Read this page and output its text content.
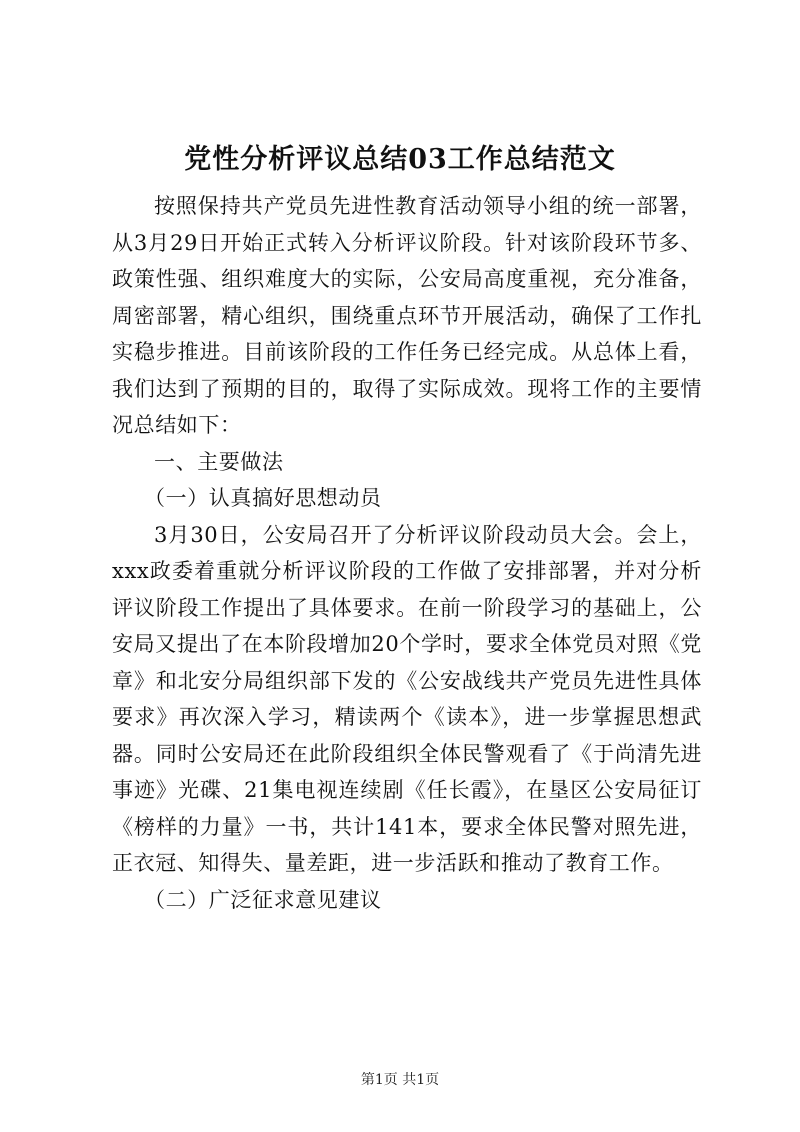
党性分析评议总结03工作总结范文

按照保持共产党员先进性教育活动领导小组的统一部署，从3月29日开始正式转入分析评议阶段。针对该阶段环节多、政策性强、组织难度大的实际，公安局高度重视，充分准备，周密部署，精心组织，围绕重点环节开展活动，确保了工作扎实稳步推进。目前该阶段的工作任务已经完成。从总体上看，我们达到了预期的目的，取得了实际成效。现将工作的主要情况总结如下：

一、主要做法

（一）认真搞好思想动员

3月30日，公安局召开了分析评议阶段动员大会。会上，xxx政委着重就分析评议阶段的工作做了安排部署，并对分析评议阶段工作提出了具体要求。在前一阶段学习的基础上，公安局又提出了在本阶段增加20个学时，要求全体党员对照《党章》和北安分局组织部下发的《公安战线共产党员先进性具体要求》再次深入学习，精读两个《读本》，进一步掌握思想武器。同时公安局还在此阶段组织全体民警观看了《于尚清先进事迹》光碟、21集电视连续剧《任长霞》，在垦区公安局征订《榜样的力量》一书，共计141本，要求全体民警对照先进，正衣冠、知得失、量差距，进一步活跃和推动了教育工作。

（二）广泛征求意见建议

第1页 共1页
